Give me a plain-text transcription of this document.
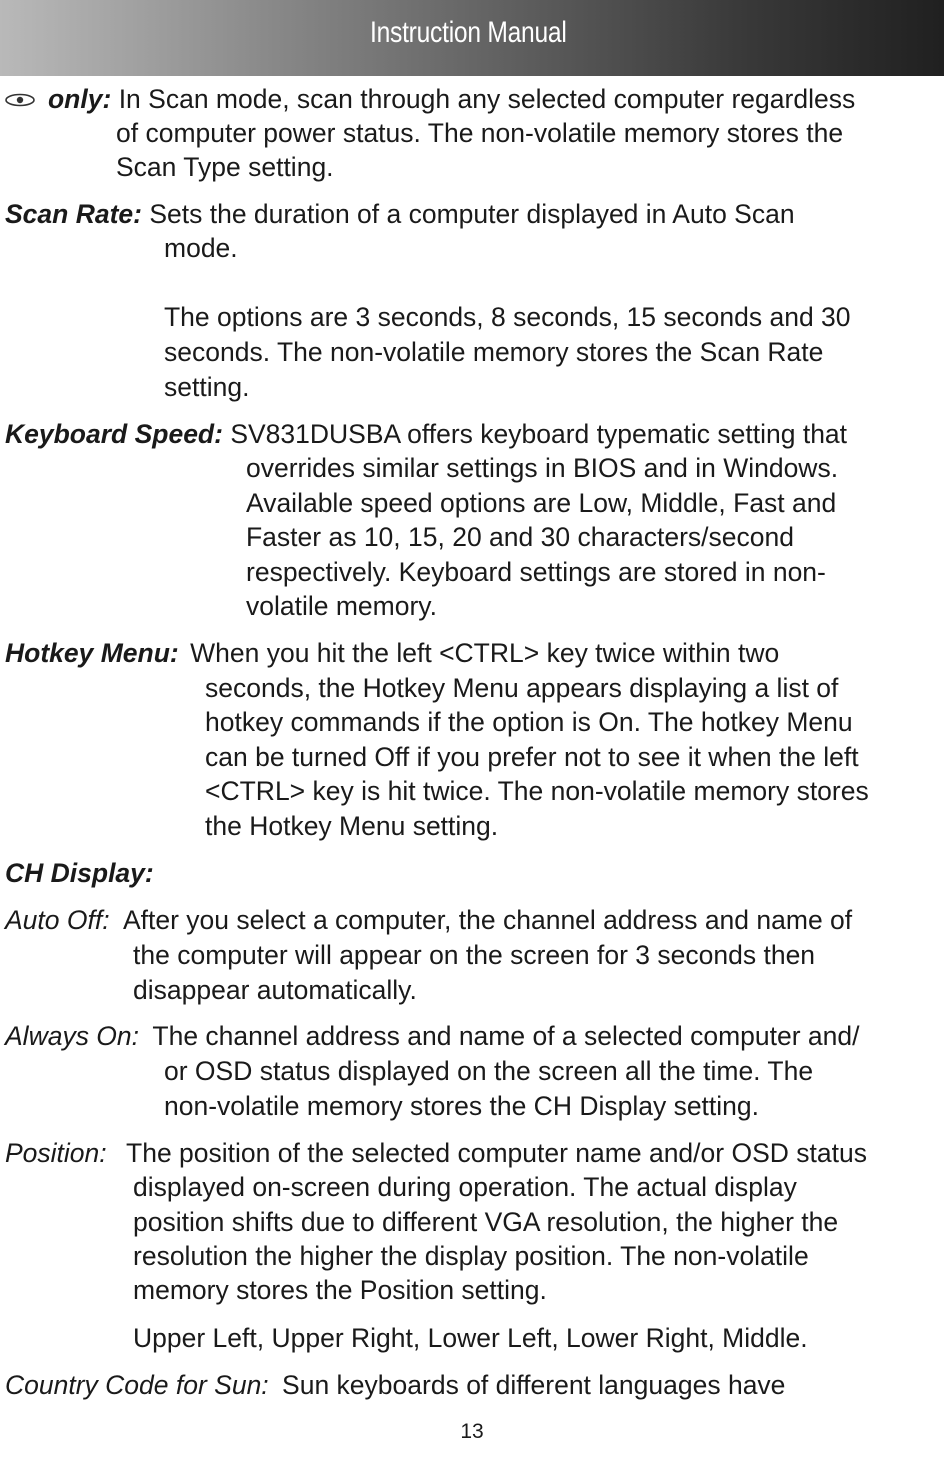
Instruction Manual
only: In Scan mode, scan through any selected computer regardless
of computer power status. The non-volatile memory stores the
Scan Type setting.
Scan Rate: Sets the duration of a computer displayed in Auto Scan
mode.
The options are 3 seconds, 8 seconds, 15 seconds and 30
seconds. The non-volatile memory stores the Scan Rate
setting.
Keyboard Speed: SV831DUSBA offers keyboard typematic setting that
overrides similar settings in BIOS and in Windows.
Available speed options are Low, Middle, Fast and
Faster as 10, 15, 20 and 30 characters/second
respectively. Keyboard settings are stored in non-
volatile memory.
Hotkey Menu: When you hit the left <CTRL> key twice within two
seconds, the Hotkey Menu appears displaying a list of
hotkey commands if the option is On. The hotkey Menu
can be turned Off if you prefer not to see it when the left
<CTRL> key is hit twice. The non-volatile memory stores
the Hotkey Menu setting.
CH Display:
Auto Off: After you select a computer, the channel address and name of
the computer will appear on the screen for 3 seconds then
disappear automatically.
Always On: The channel address and name of a selected computer and/
or OSD status displayed on the screen all the time. The
non-volatile memory stores the CH Display setting.
Position: The position of the selected computer name and/or OSD status
displayed on-screen during operation. The actual display
position shifts due to different VGA resolution, the higher the
resolution the higher the display position. The non-volatile
memory stores the Position setting.
Upper Left, Upper Right, Lower Left, Lower Right, Middle.
Country Code for Sun: Sun keyboards of different languages have
13
